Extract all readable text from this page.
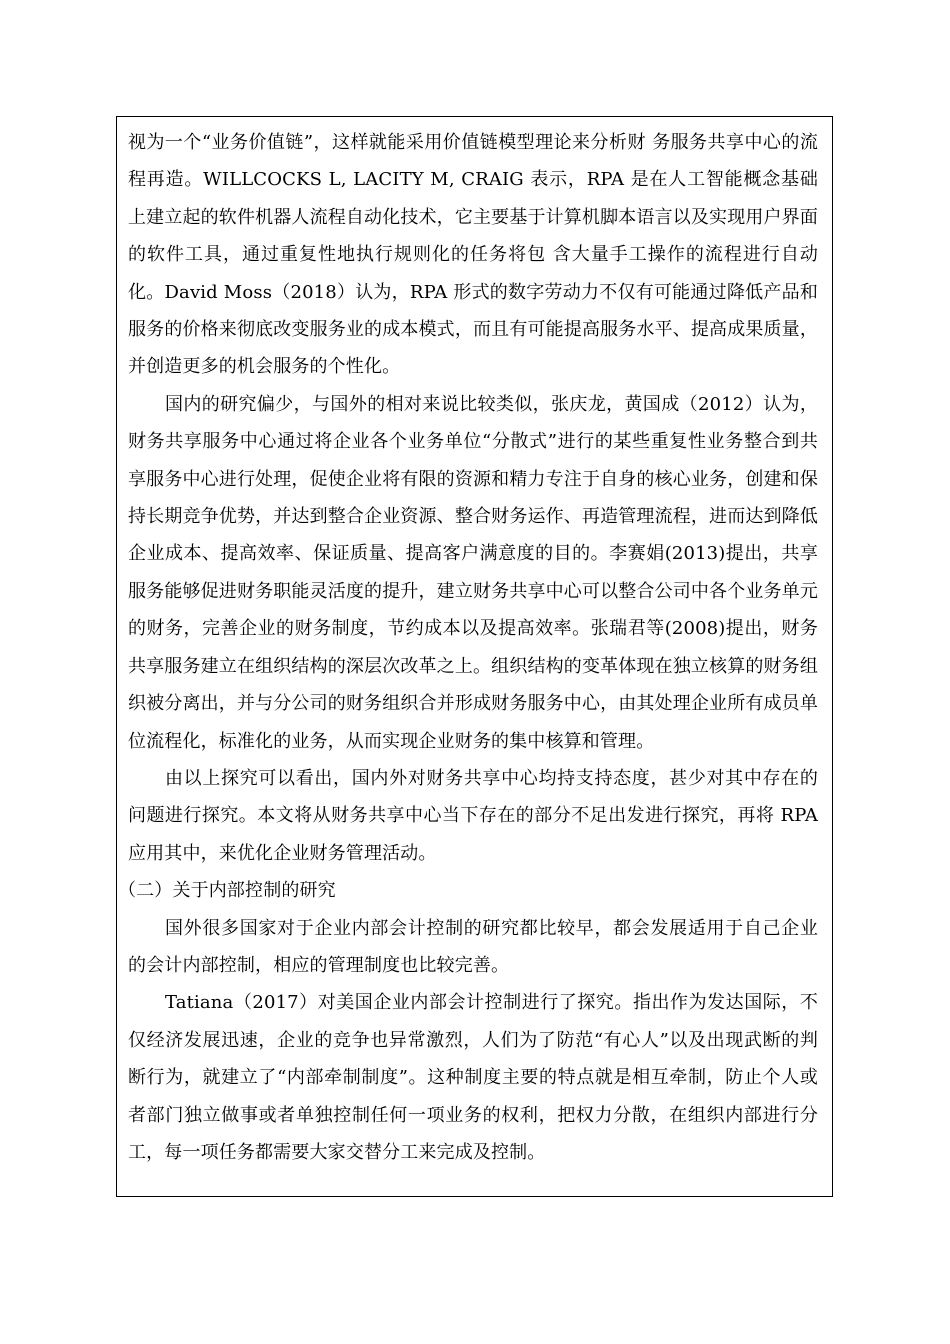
视为一个“业务价值链”，这样就能采用价值链模型理论来分析财 务服务共享中心的流程再造。WILLCOCKS L, LACITY M, CRAIG 表示，RPA 是在人工智能概念基础上建立起的软件机器人流程自动化技术，它主要基于计算机脚本语言以及实现用户界面的软件工具，通过重复性地执行规则化的任务将包 含大量手工操作的流程进行自动化。David Moss（2018）认为，RPA 形式的数字劳动力不仅有可能通过降低产品和服务的价格来彻底改变服务业的成本模式，而且有可能提高服务水平、提高成果质量，并创造更多的机会服务的个性化。

国内的研究偏少，与国外的相对来说比较类似，张庆龙，黄国成（2012）认为，财务共享服务中心通过将企业各个业务单位“分散式”进行的某些重复性业务整合到共享服务中心进行处理，促使企业将有限的资源和精力专注于自身的核心业务，创建和保持长期竞争优势，并达到整合企业资源、整合财务运作、再造管理流程，进而达到降低企业成本、提高效率、保证质量、提高客户满意度的目的。李赛娟(2013)提出，共享服务能够促进财务职能灵活度的提升，建立财务共享中心可以整合公司中各个业务单元的财务，完善企业的财务制度，节约成本以及提高效率。张瑞君等(2008)提出，财务共享服务建立在组织结构的深层次改革之上。组织结构的变革体现在独立核算的财务组织被分离出，并与分公司的财务组织合并形成财务服务中心，由其处理企业所有成员单位流程化，标准化的业务，从而实现企业财务的集中核算和管理。

由以上探究可以看出，国内外对财务共享中心均持支持态度，甚少对其中存在的问题进行探究。本文将从财务共享中心当下存在的部分不足出发进行探究，再将 RPA 应用其中，来优化企业财务管理活动。

（二）关于内部控制的研究

国外很多国家对于企业内部会计控制的研究都比较早，都会发展适用于自己企业的会计内部控制，相应的管理制度也比较完善。

Tatiana（2017）对美国企业内部会计控制进行了探究。指出作为发达国际，不仅经济发展迅速，企业的竞争也异常激烈，人们为了防范“有心人”以及出现武断的判断行为，就建立了“内部牵制制度”。这种制度主要的特点就是相互牵制，防止个人或者部门独立做事或者单独控制任何一项业务的权利，把权力分散，在组织内部进行分工，每一项任务都需要大家交替分工来完成及控制。
